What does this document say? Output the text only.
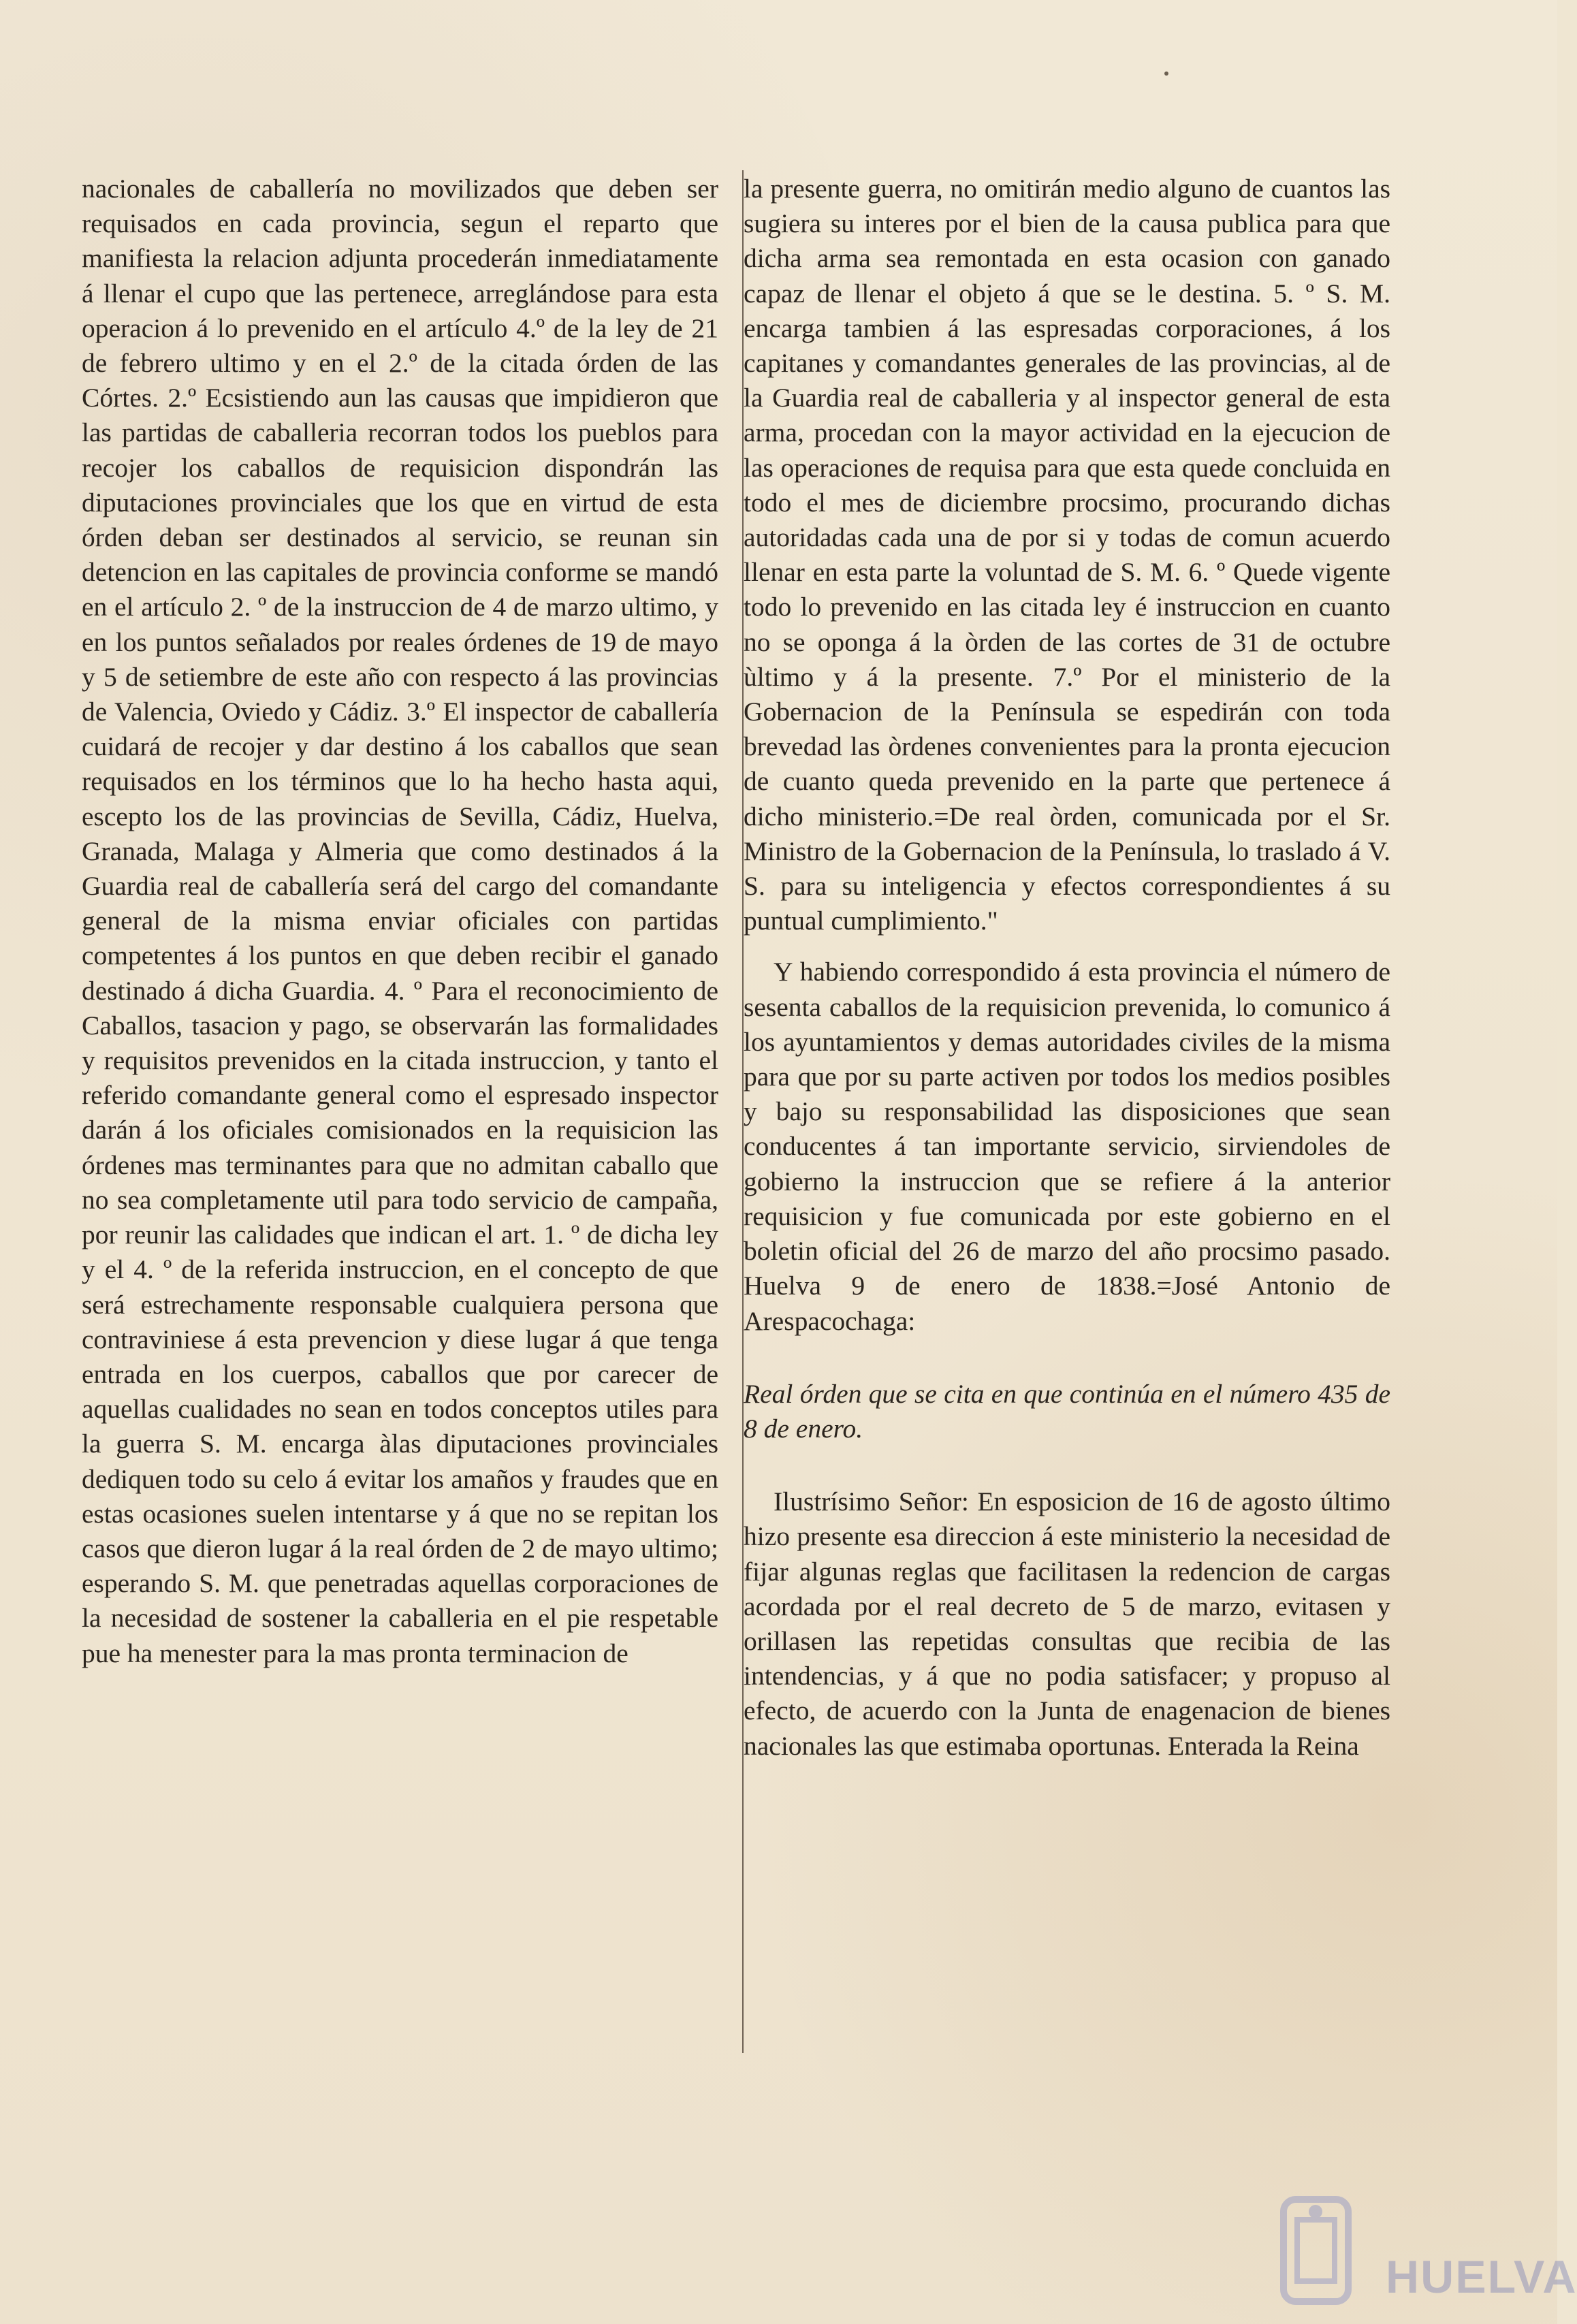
nacionales de caballería no movilizados que deben ser requisados en cada provincia, segun el reparto que manifiesta la relacion adjunta procederán inmediatamente á llenar el cupo que las pertenece, arreglándose para esta operacion á lo prevenido en el artículo 4.º de la ley de 21 de febrero ultimo y en el 2.º de la citada órden de las Córtes. 2.º Ecsistiendo aun las causas que impidieron que las partidas de caballeria recorran todos los pueblos para recojer los caballos de requisicion dispondrán las diputaciones provinciales que los que en virtud de esta órden deban ser destinados al servicio, se reunan sin detencion en las capitales de provincia conforme se mandó en el artículo 2. º de la instruccion de 4 de marzo ultimo, y en los puntos señalados por reales órdenes de 19 de mayo y 5 de setiembre de este año con respecto á las provincias de Valencia, Oviedo y Cádiz. 3.º El inspector de caballería cuidará de recojer y dar destino á los caballos que sean requisados en los términos que lo ha hecho hasta aqui, escepto los de las provincias de Sevilla, Cádiz, Huelva, Granada, Malaga y Almeria que como destinados á la Guardia real de caballería será del cargo del comandante general de la misma enviar oficiales con partidas competentes á los puntos en que deben recibir el ganado destinado á dicha Guardia. 4. º Para el reconocimiento de Caballos, tasacion y pago, se observarán las formalidades y requisitos prevenidos en la citada instruccion, y tanto el referido comandante general como el espresado inspector darán á los oficiales comisionados en la requisicion las órdenes mas terminantes para que no admitan caballo que no sea completamente util para todo servicio de campaña, por reunir las calidades que indican el art. 1. º de dicha ley y el 4. º de la referida instruccion, en el concepto de que será estrechamente responsable cualquiera persona que contraviniese á esta prevencion y diese lugar á que tenga entrada en los cuerpos, caballos que por carecer de aquellas cualidades no sean en todos conceptos utiles para la guerra S. M. encarga àlas diputaciones provinciales dediquen todo su celo á evitar los amaños y fraudes que en estas ocasiones suelen intentarse y á que no se repitan los casos que dieron lugar á la real órden de 2 de mayo ultimo; esperando S. M. que penetradas aquellas corporaciones de la necesidad de sostener la caballeria en el pie respetable pue ha menester para la mas pronta terminacion de

la presente guerra, no omitirán medio alguno de cuantos las sugiera su interes por el bien de la causa publica para que dicha arma sea remontada en esta ocasion con ganado capaz de llenar el objeto á que se le destina. 5. º S. M. encarga tambien á las espresadas corporaciones, á los capitanes y comandantes generales de las provincias, al de la Guardia real de caballeria y al inspector general de esta arma, procedan con la mayor actividad en la ejecucion de las operaciones de requisa para que esta quede concluida en todo el mes de diciembre procsimo, procurando dichas autoridadas cada una de por si y todas de comun acuerdo llenar en esta parte la voluntad de S. M. 6. º Quede vigente todo lo prevenido en las citada ley é instruccion en cuanto no se oponga á la òrden de las cortes de 31 de octubre ùltimo y á la presente. 7.º Por el ministerio de la Gobernacion de la Península se espedirán con toda brevedad las òrdenes convenientes para la pronta ejecucion de cuanto queda prevenido en la parte que pertenece á dicho ministerio.=De real òrden, comunicada por el Sr. Ministro de la Gobernacion de la Península, lo traslado á V. S. para su inteligencia y efectos correspondientes á su puntual cumplimiento."

Y habiendo correspondido á esta provincia el número de sesenta caballos de la requisicion prevenida, lo comunico á los ayuntamientos y demas autoridades civiles de la misma para que por su parte activen por todos los medios posibles y bajo su responsabilidad las disposiciones que sean conducentes á tan importante servicio, sirviendoles de gobierno la instruccion que se refiere á la anterior requisicion y fue comunicada por este gobierno en el boletin oficial del 26 de marzo del año procsimo pasado. Huelva 9 de enero de 1838.=José Antonio de Arespacochaga:

Real órden que se cita en que continúa en el número 435 de 8 de enero.

Ilustrísimo Señor: En esposicion de 16 de agosto último hizo presente esa direccion á este ministerio la necesidad de fijar algunas reglas que facilitasen la redencion de cargas acordada por el real decreto de 5 de marzo, evitasen y orillasen las repetidas consultas que recibia de las intendencias, y á que no podia satisfacer; y propuso al efecto, de acuerdo con la Junta de enagenacion de bienes nacionales las que estimaba oportunas. Enterada la Reina

HUELVA
